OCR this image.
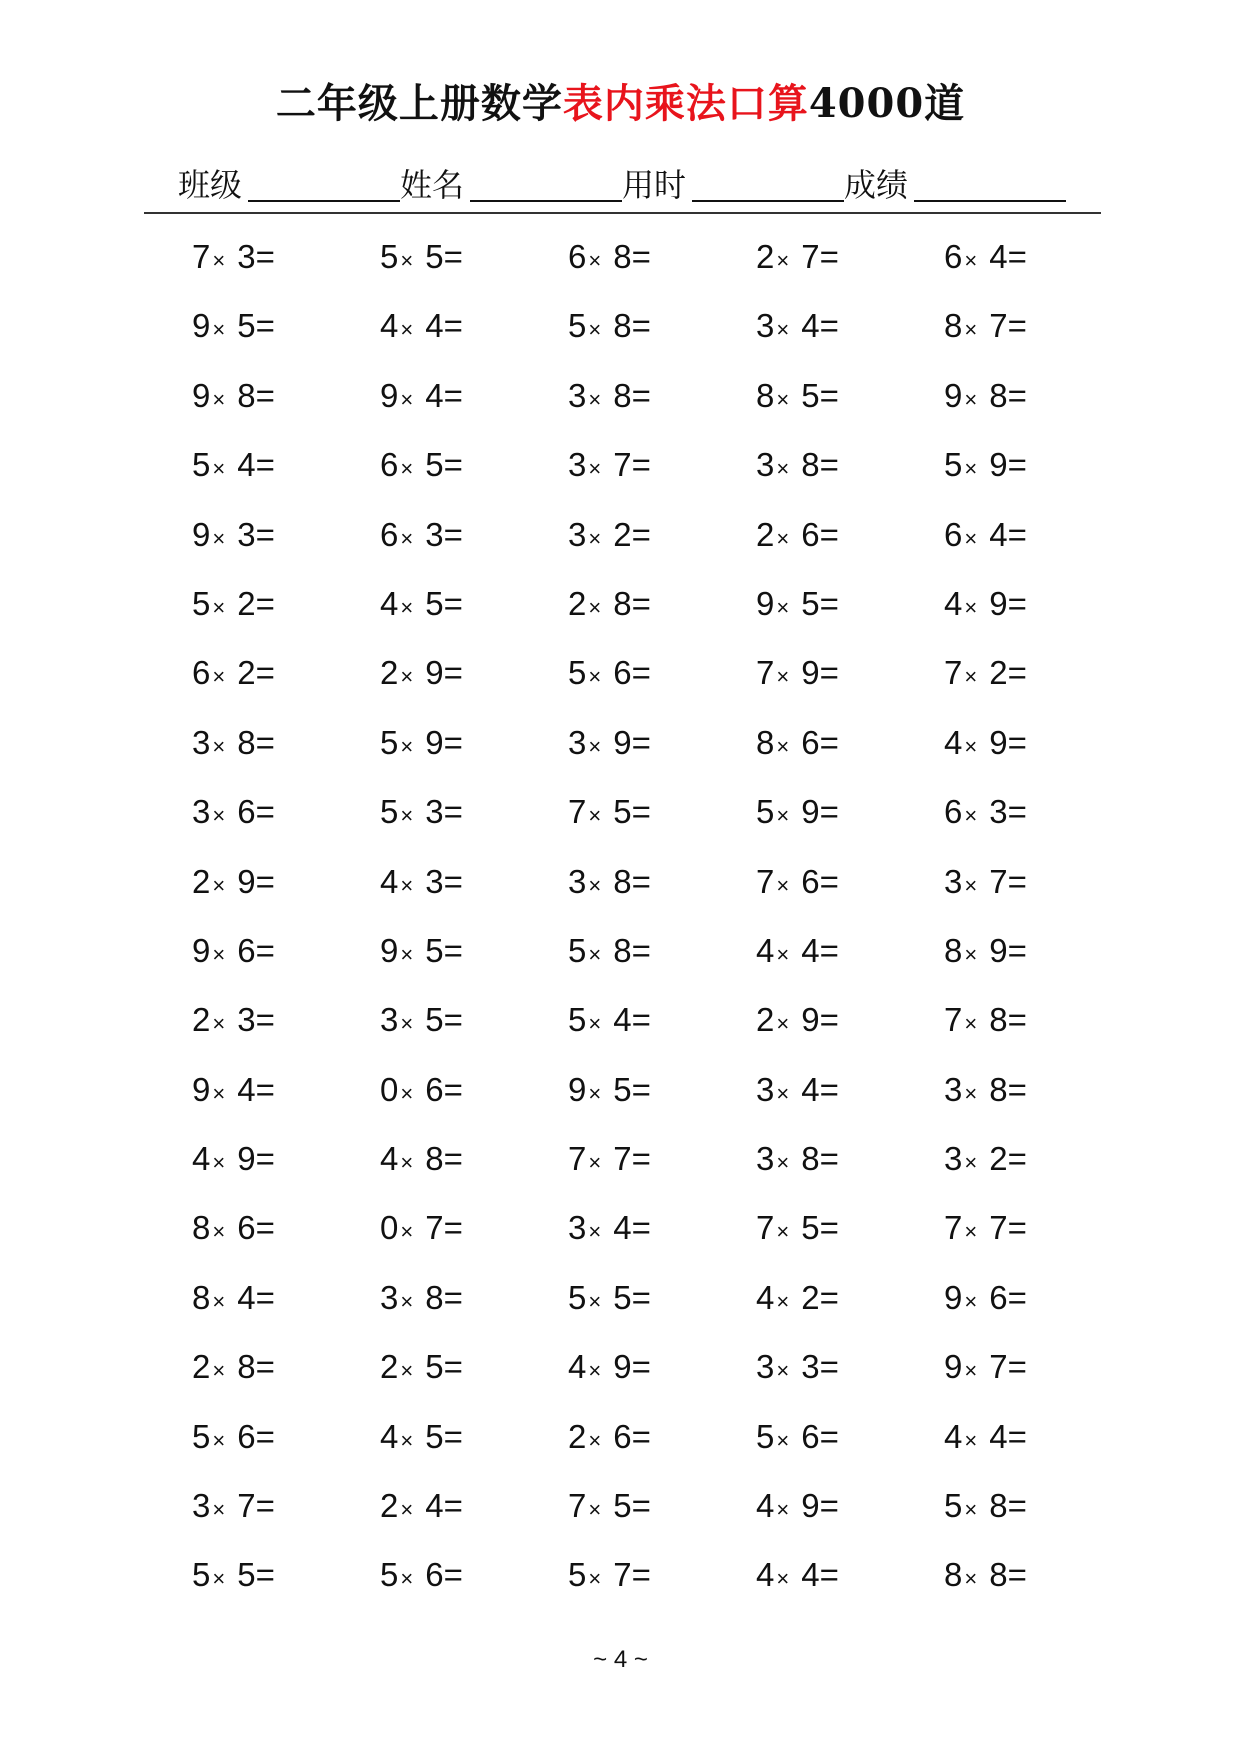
二年级上册数学表内乘法口算4000道
班级	姓名	用时	成绩
7× 3=	5× 5=	6× 8=	2× 7=	6× 4=
9× 5=	4× 4=	5× 8=	3× 4=	8× 7=
9× 8=	9× 4=	3× 8=	8× 5=	9× 8=
5× 4=	6× 5=	3× 7=	3× 8=	5× 9=
9× 3=	6× 3=	3× 2=	2× 6=	6× 4=
5× 2=	4× 5=	2× 8=	9× 5=	4× 9=
6× 2=	2× 9=	5× 6=	7× 9=	7× 2=
3× 8=	5× 9=	3× 9=	8× 6=	4× 9=
3× 6=	5× 3=	7× 5=	5× 9=	6× 3=
2× 9=	4× 3=	3× 8=	7× 6=	3× 7=
9× 6=	9× 5=	5× 8=	4× 4=	8× 9=
2× 3=	3× 5=	5× 4=	2× 9=	7× 8=
9× 4=	0× 6=	9× 5=	3× 4=	3× 8=
4× 9=	4× 8=	7× 7=	3× 8=	3× 2=
8× 6=	0× 7=	3× 4=	7× 5=	7× 7=
8× 4=	3× 8=	5× 5=	4× 2=	9× 6=
2× 8=	2× 5=	4× 9=	3× 3=	9× 7=
5× 6=	4× 5=	2× 6=	5× 6=	4× 4=
3× 7=	2× 4=	7× 5=	4× 9=	5× 8=
5× 5=	5× 6=	5× 7=	4× 4=	8× 8=
~ 4 ~
